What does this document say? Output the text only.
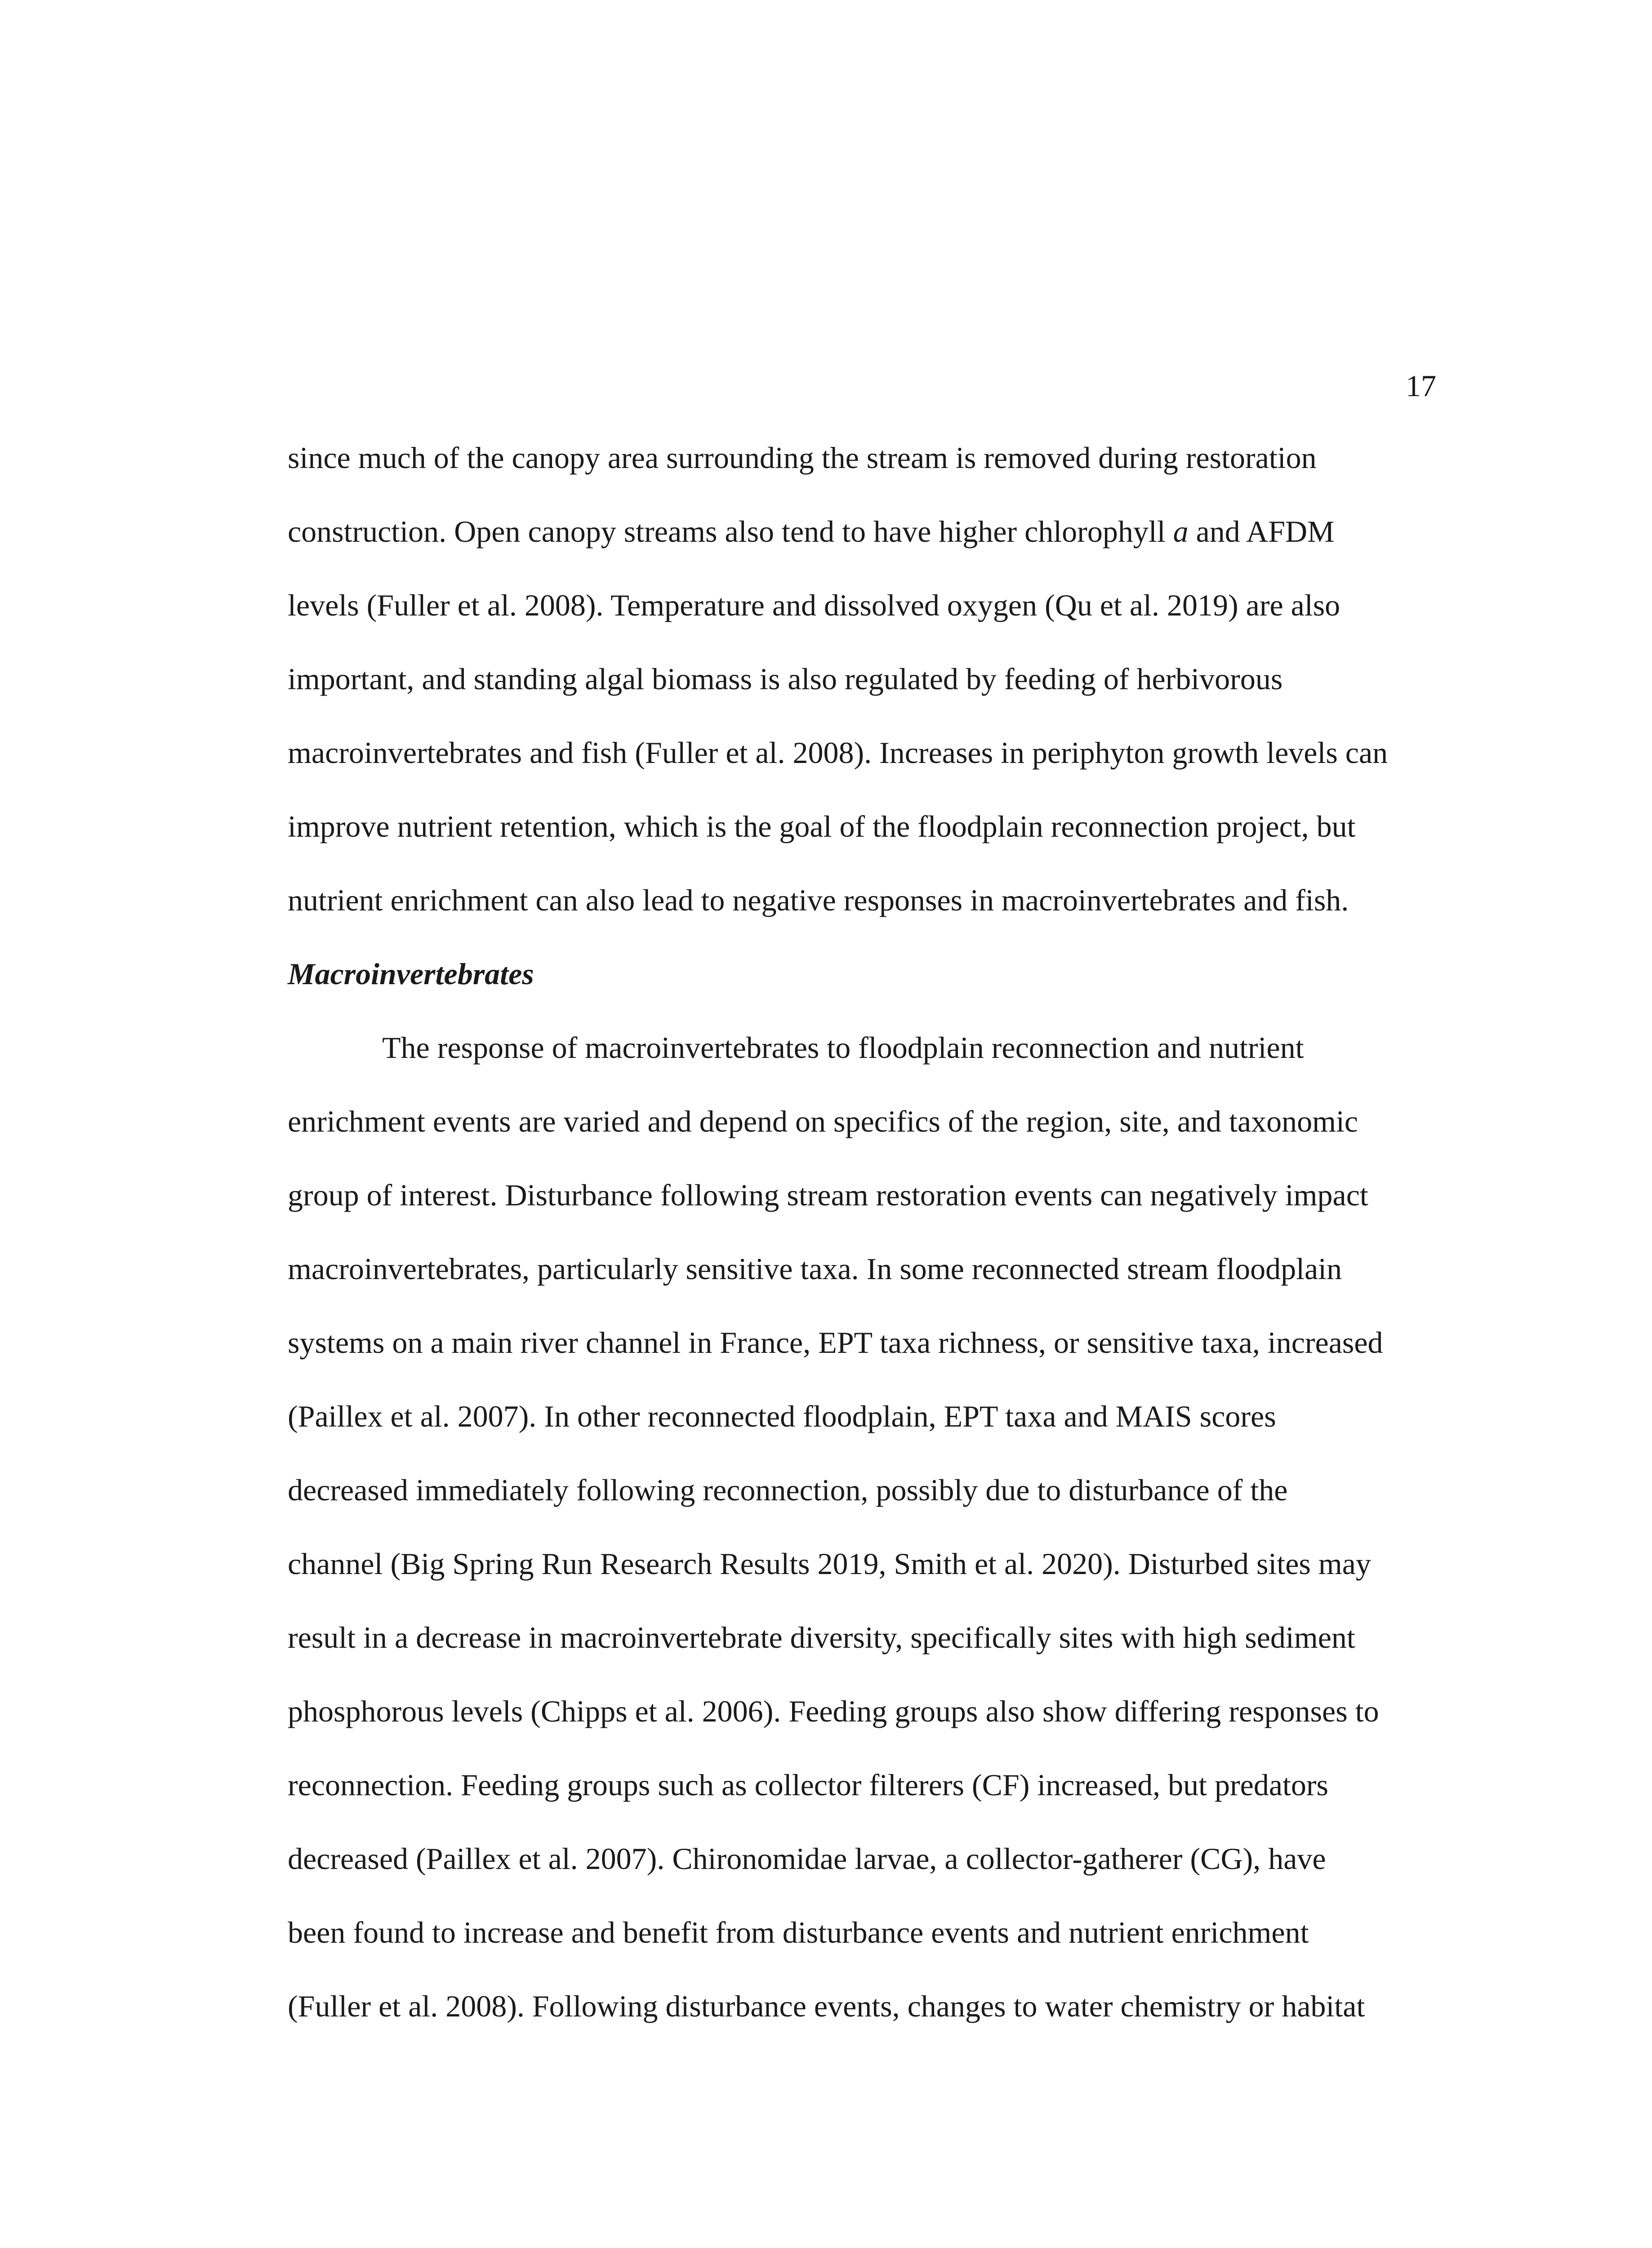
17
since much of the canopy area surrounding the stream is removed during restoration
construction. Open canopy streams also tend to have higher chlorophyll a and AFDM
levels (Fuller et al. 2008). Temperature and dissolved oxygen (Qu et al. 2019) are also
important, and standing algal biomass is also regulated by feeding of herbivorous
macroinvertebrates and fish (Fuller et al. 2008). Increases in periphyton growth levels can
improve nutrient retention, which is the goal of the floodplain reconnection project, but
nutrient enrichment can also lead to negative responses in macroinvertebrates and fish.
Macroinvertebrates
The response of macroinvertebrates to floodplain reconnection and nutrient
enrichment events are varied and depend on specifics of the region, site, and taxonomic
group of interest. Disturbance following stream restoration events can negatively impact
macroinvertebrates, particularly sensitive taxa. In some reconnected stream floodplain
systems on a main river channel in France, EPT taxa richness, or sensitive taxa, increased
(Paillex et al. 2007). In other reconnected floodplain, EPT taxa and MAIS scores
decreased immediately following reconnection, possibly due to disturbance of the
channel (Big Spring Run Research Results 2019, Smith et al. 2020). Disturbed sites may
result in a decrease in macroinvertebrate diversity, specifically sites with high sediment
phosphorous levels (Chipps et al. 2006). Feeding groups also show differing responses to
reconnection. Feeding groups such as collector filterers (CF) increased, but predators
decreased (Paillex et al. 2007). Chironomidae larvae, a collector-gatherer (CG), have
been found to increase and benefit from disturbance events and nutrient enrichment
(Fuller et al. 2008). Following disturbance events, changes to water chemistry or habitat
